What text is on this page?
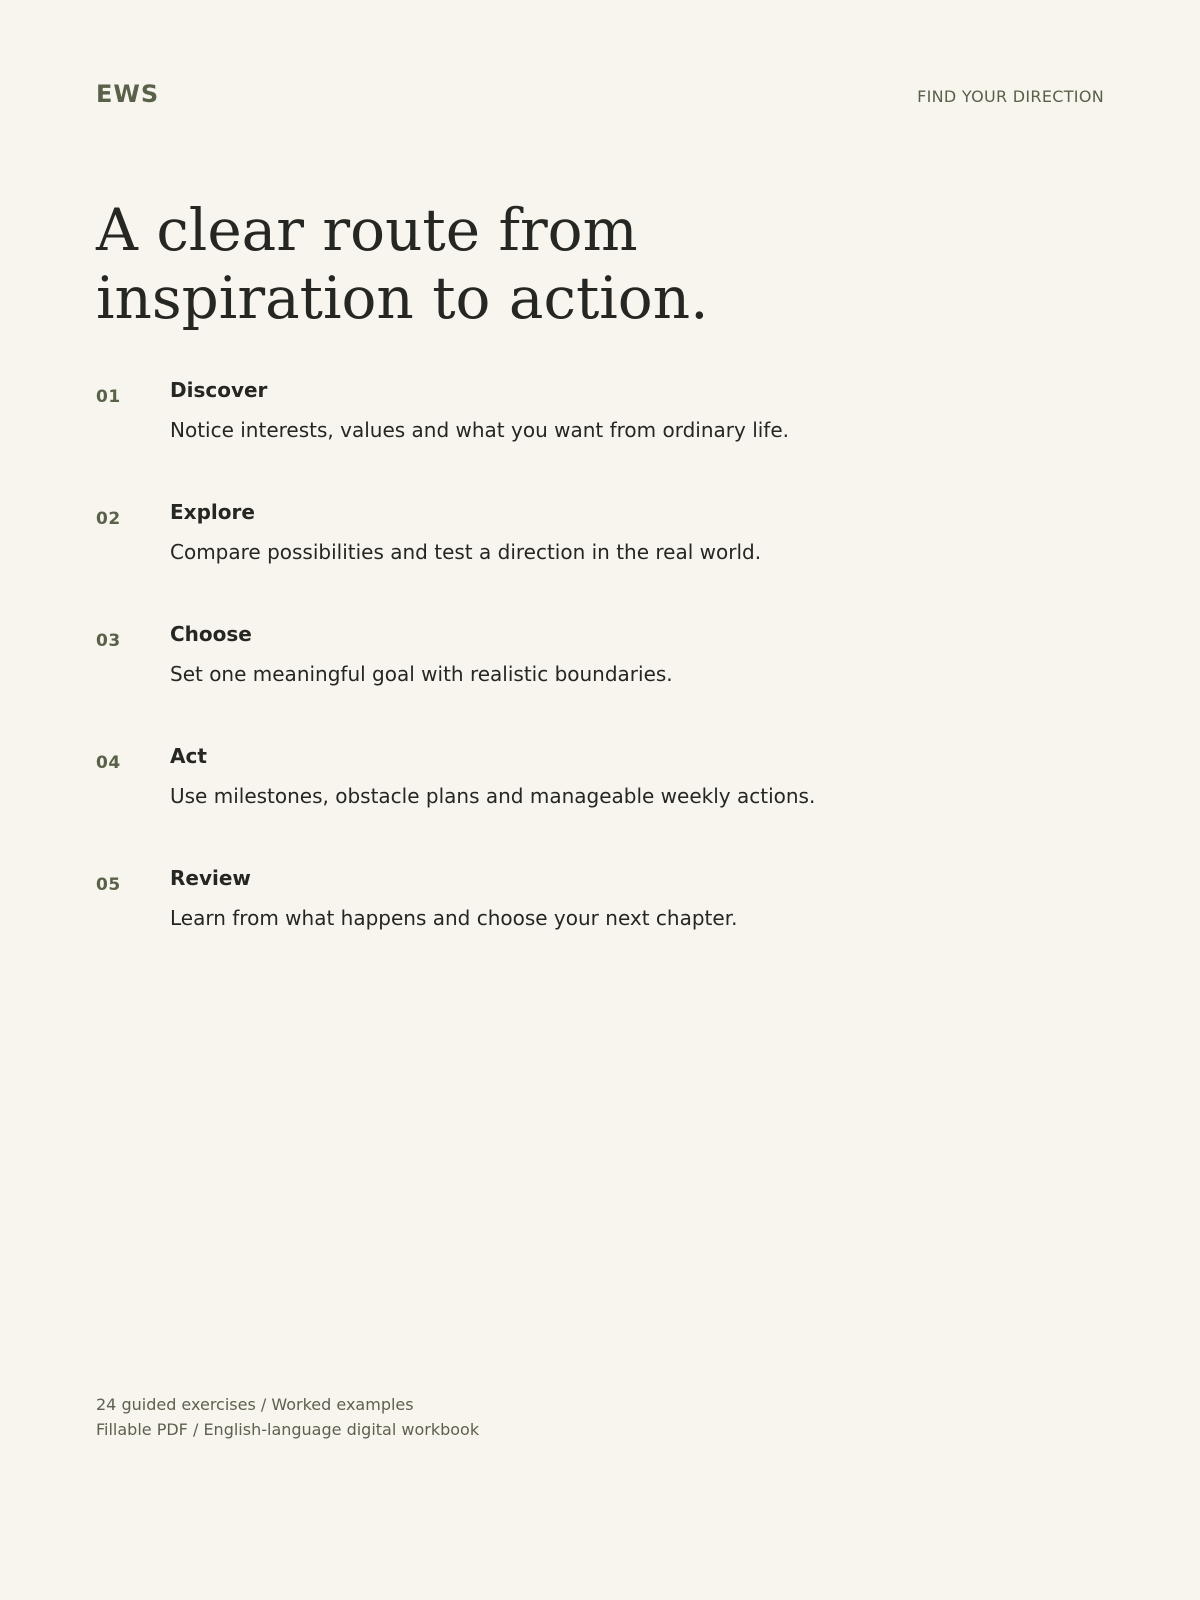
EWS	FIND YOUR DIRECTION
A clear route from
inspiration to action.
01 Discover
Notice interests, values and what you want from ordinary life.
02 Explore
Compare possibilities and test a direction in the real world.
03 Choose
Set one meaningful goal with realistic boundaries.
04 Act
Use milestones, obstacle plans and manageable weekly actions.
05 Review
Learn from what happens and choose your next chapter.
24 guided exercises / Worked examples
Fillable PDF / English-language digital workbook
